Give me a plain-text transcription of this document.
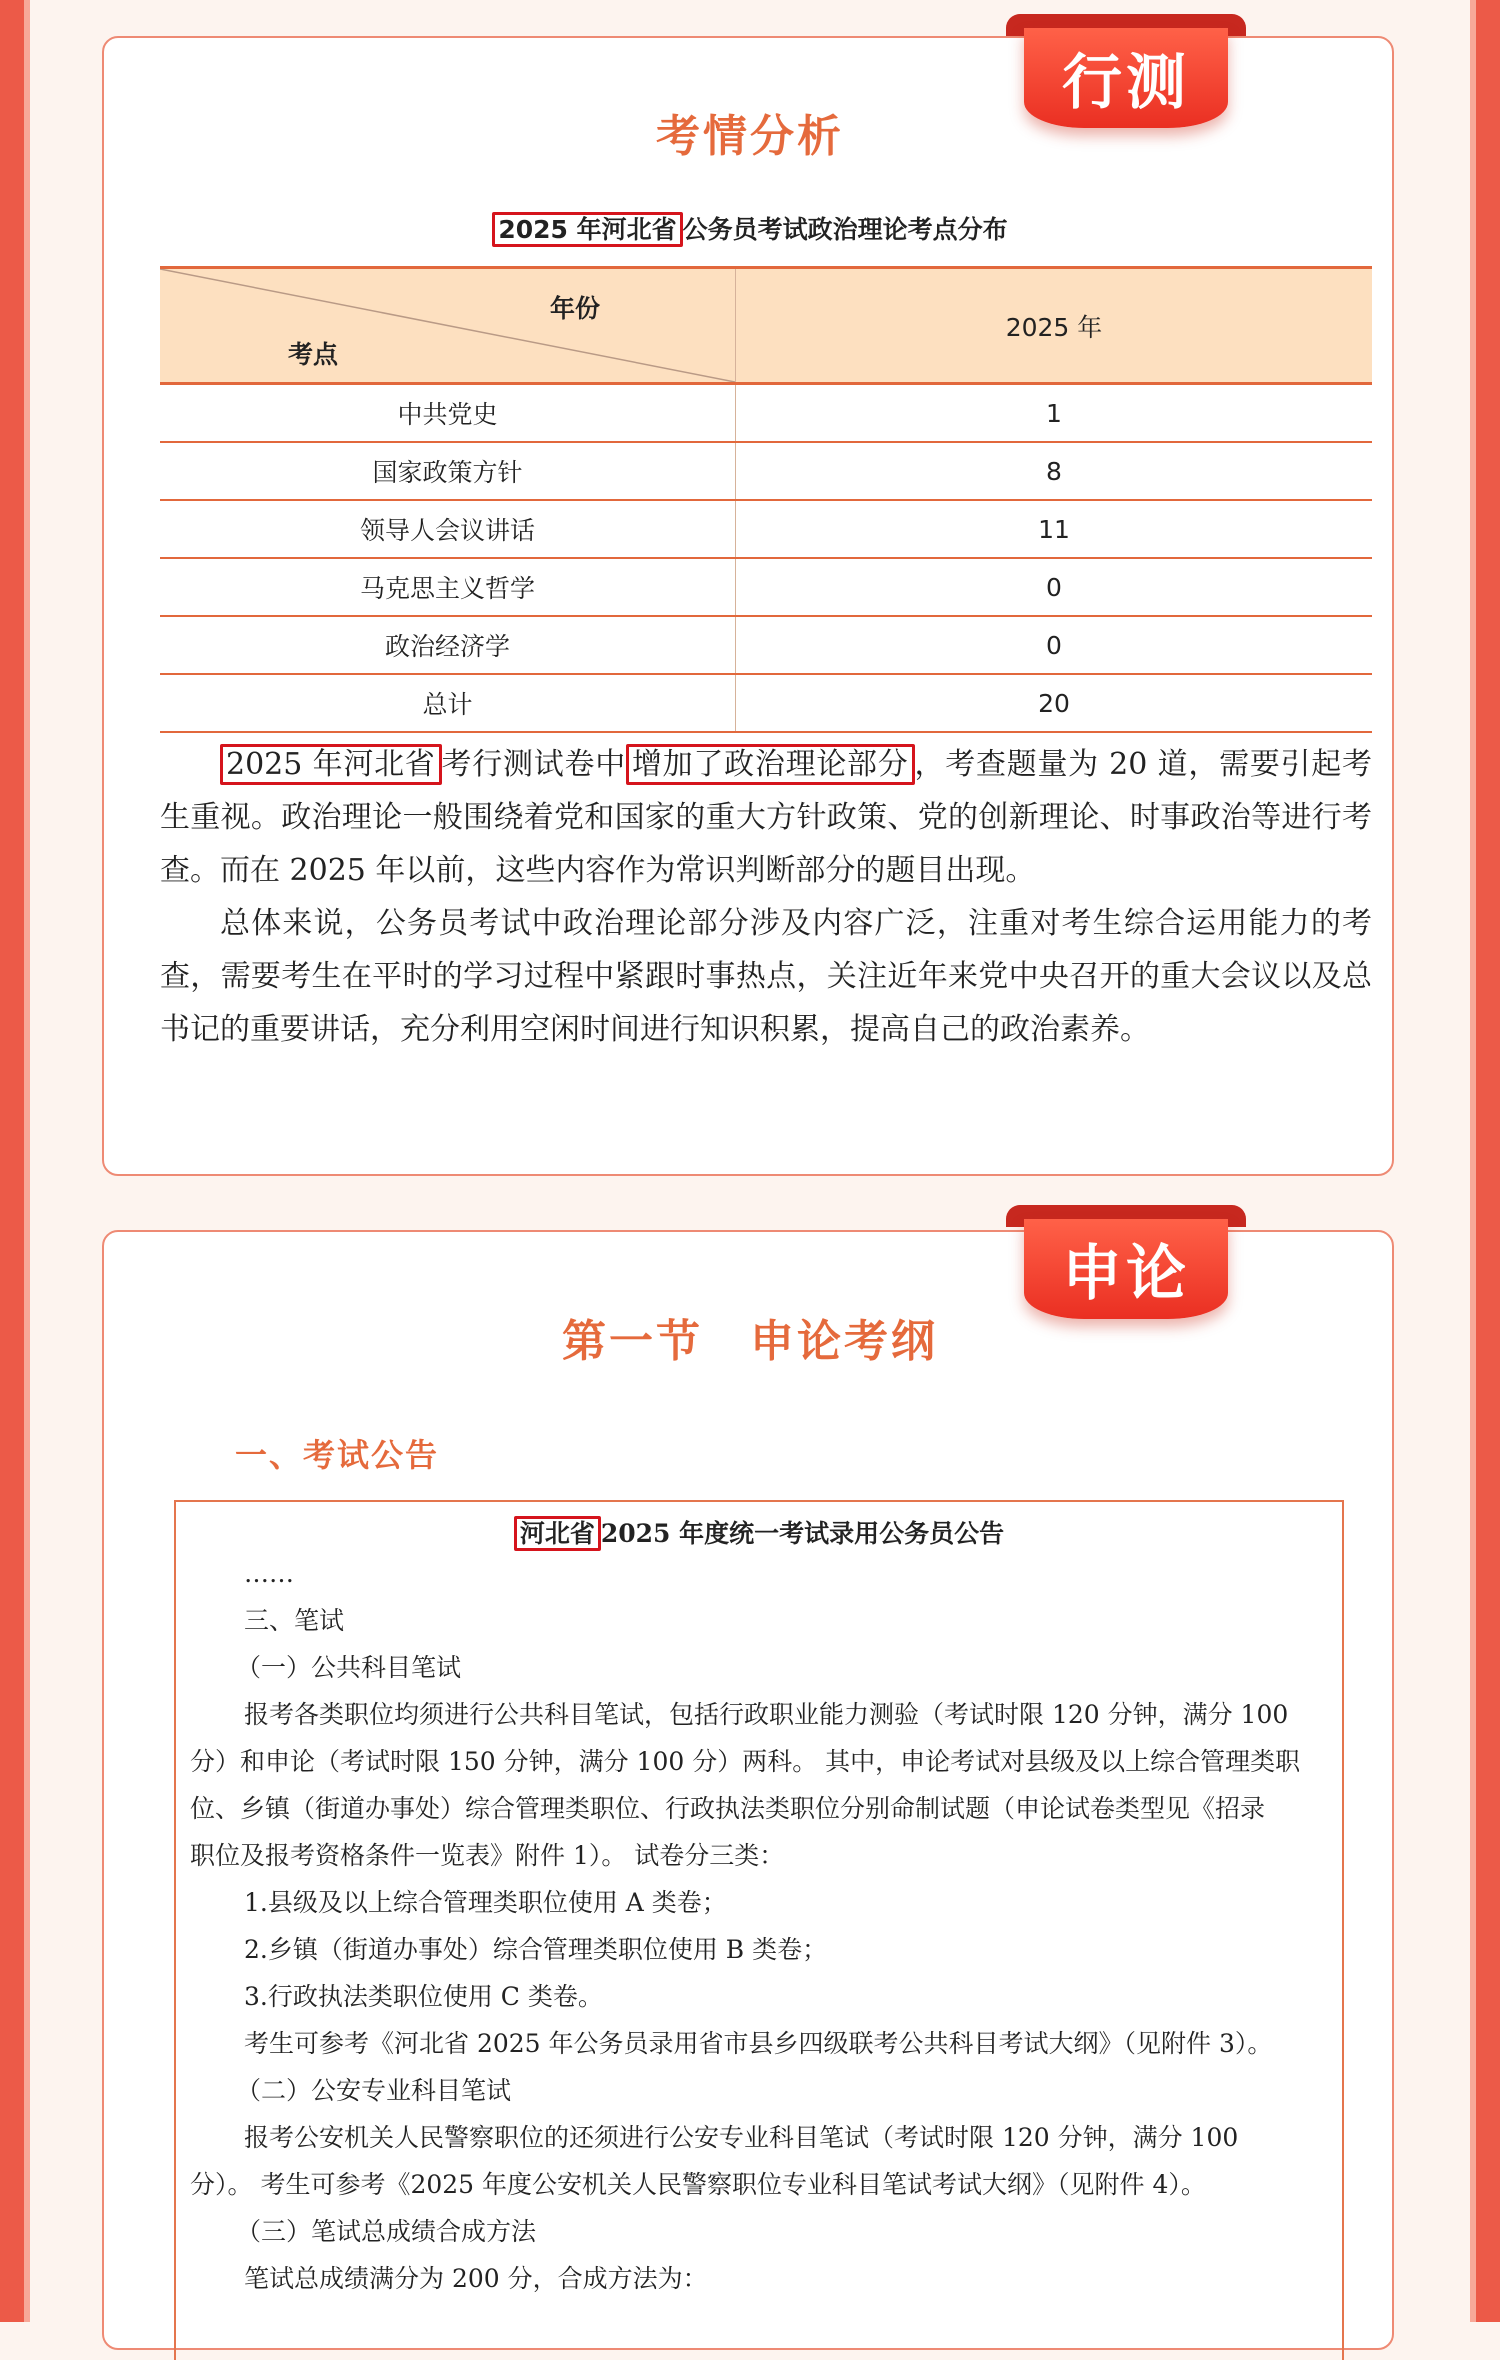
行测
考情分析
2025 年河北省 公务员考试政治理论考点分布
年份
考点	2025 年
中共党史	1
国家政策方针	8
领导人会议讲话	11
马克思主义哲学	0
政治经济学	0
总计	20

2025 年河北省 考行测试卷中 增加了政治理论部分 ，考查题量为 20 道，需要引起考生重视。政治理论一般围绕着党和国家的重大方针政策、党的创新理论、时事政治等进行考查。而在 2025 年以前，这些内容作为常识判断部分的题目出现。

总体来说，公务员考试中政治理论部分涉及内容广泛，注重对考生综合运用能力的考查，需要考生在平时的学习过程中紧跟时事热点，关注近年来党中央召开的重大会议以及总书记的重要讲话，充分利用空闲时间进行知识积累，提高自己的政治素养。

申论
第一节　申论考纲
一、考试公告
河北省 2025 年度统一考试录用公务员公告

……

三、笔试

（一）公共科目笔试

报考各类职位均须进行公共科目笔试，包括行政职业能力测验（考试时限 120 分钟，满分 100

分）和申论（考试时限 150 分钟，满分 100 分）两科。 其中，申论考试对县级及以上综合管理类职

位、乡镇（街道办事处）综合管理类职位、行政执法类职位分别命制试题（申论试卷类型见《招录

职位及报考资格条件一览表》附件 1）。 试卷分三类：

1.县级及以上综合管理类职位使用 A 类卷；

2.乡镇（街道办事处）综合管理类职位使用 B 类卷；

3.行政执法类职位使用 C 类卷。

考生可参考《河北省 2025 年公务员录用省市县乡四级联考公共科目考试大纲》（见附件 3）。

（二）公安专业科目笔试

报考公安机关人民警察职位的还须进行公安专业科目笔试（考试时限 120 分钟，满分 100

分）。 考生可参考《2025 年度公安机关人民警察职位专业科目笔试考试大纲》（见附件 4）。

（三）笔试总成绩合成方法

笔试总成绩满分为 200 分，合成方法为：
